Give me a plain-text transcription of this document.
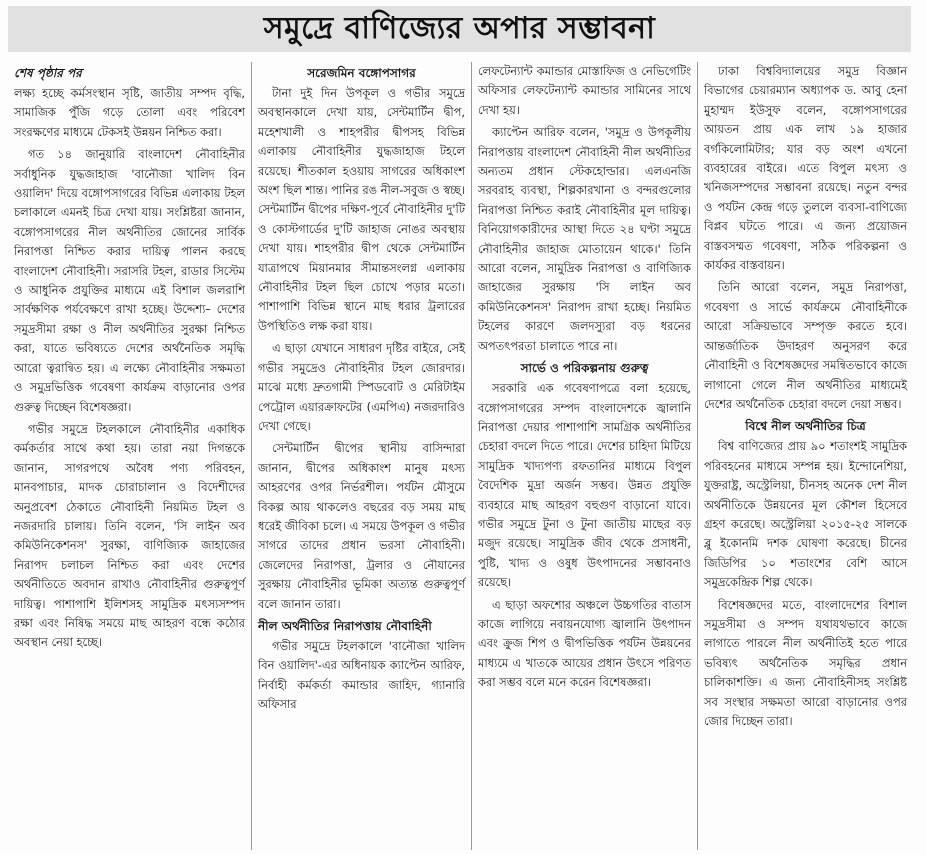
সমুদ্রে বাণিজ্যের অপার সম্ভাবনা
শেষ পৃষ্ঠার পর

লক্ষ্য হচ্ছে কর্মসংস্থান সৃষ্টি, জাতীয় সম্পদ বৃদ্ধি, সামাজিক পুঁজি গড়ে তোলা এবং পরিবেশ সংরক্ষণের মাধ্যমে টেকসই উন্নয়ন নিশ্চিত করা।

গত ১৪ জানুয়ারি বাংলাদেশ নৌবাহিনীর সর্বাধুনিক যুদ্ধজাহাজ 'বানৌজা খালিদ বিন ওয়ালিদ' দিয়ে বঙ্গোপসাগরের বিভিন্ন এলাকায় টহল চলাকালে এমনই চিত্র দেখা যায়। সংশ্লিষ্টরা জানান, বঙ্গোপসাগরের নীল অর্থনীতির জোনের সার্বিক নিরাপত্তা নিশ্চিত করার দায়িত্ব পালন করছে বাংলাদেশ নৌবাহিনী। সরাসরি টহল, রাডার সিস্টেম ও আধুনিক প্রযুক্তির মাধ্যমে এই বিশাল জলরাশি সার্বক্ষণিক পর্যবেক্ষণে রাখা হচ্ছে। উদ্দেশ্য– দেশের সমুদ্রসীমা রক্ষা ও নীল অর্থনীতির সুরক্ষা নিশ্চিত করা, যাতে ভবিষ্যতে দেশের অর্থনৈতিক সমৃদ্ধি আরো ত্বরান্বিত হয়। এ লক্ষ্যে নৌবাহিনীর সক্ষমতা ও সমুদ্রভিত্তিক গবেষণা কার্যক্রম বাড়ানোর ওপর গুরুত্ব দিচ্ছেন বিশেষজ্ঞরা।

গভীর সমুদ্রে টহলকালে নৌবাহিনীর একাধিক কর্মকর্তার সাথে কথা হয়। তারা নয়া দিগন্তকে জানান, সাগরপথে অবৈধ পণ্য পরিবহন, মানবপাচার, মাদক চোরাচালান ও বিদেশীদের অনুপ্রবেশ ঠেকাতে নৌবাহিনী নিয়মিত টহল ও নজরদারি চালায়। তিনি বলেন, 'সি লাইন অব কমিউনিকেশনস' সুরক্ষা, বাণিজ্যিক জাহাজের নিরাপদ চলাচল নিশ্চিত করা এবং দেশের অর্থনীতিতে অবদান রাখাও নৌবাহিনীর গুরুত্বপূর্ণ দায়িত্ব। পাশাপাশি ইলিশসহ সামুদ্রিক মৎস্যসম্পদ রক্ষা এবং নিষিদ্ধ সময়ে মাছ আহরণ বন্ধে কঠোর অবস্থান নেয়া হচ্ছে।

সরেজমিন বঙ্গোপসাগর

টানা দুই দিন উপকূল ও গভীর সমুদ্রে অবস্থানকালে দেখা যায়, সেন্টমার্টিন দ্বীপ, মহেশখালী ও শাহপরীর দ্বীপসহ বিভিন্ন এলাকায় নৌবাহিনীর যুদ্ধজাহাজ টহলে রয়েছে। শীতকাল হওয়ায় সাগরের অধিকাংশ অংশ ছিল শান্ত। পানির রঙ নীল-সবুজ ও স্বচ্ছ। সেন্টমার্টিন দ্বীপের দক্ষিণ-পূর্বে নৌবাহিনীর দু'টি ও কোস্টগার্ডের দু'টি জাহাজ নোঙর অবস্থায় দেখা যায়। শাহপরীর দ্বীপ থেকে সেন্টমার্টিন যাত্রাপথে মিয়ানমার সীমান্তসংলগ্ন এলাকায় নৌবাহিনীর টহল ছিল চোখে পড়ার মতো। পাশাপাশি বিভিন্ন স্থানে মাছ ধরার ট্রলারের উপস্থিতিও লক্ষ করা যায়।

এ ছাড়া যেখানে সাধারণ দৃষ্টির বাইরে, সেই গভীর সমুদ্রেও নৌবাহিনীর টহল জোরদার। মাঝে মধ্যে দ্রুতগামী স্পিডবোট ও মেরিটাইম পেট্রোল এয়ারক্রাফটের (এমপিএ) নজরদারিও দেখা গেছে।

সেন্টমার্টিন দ্বীপের স্থানীয় বাসিন্দারা জানান, দ্বীপের অধিকাংশ মানুষ মৎস্য আহরণের ওপর নির্ভরশীল। পর্যটন মৌসুমে বিকল্প আয় থাকলেও বছরের বড় সময় মাছ ধরেই জীবিকা চলে। এ সময়ে উপকূল ও গভীর সাগরে তাদের প্রধান ভরসা নৌবাহিনী। জেলেদের নিরাপত্তা, ট্রলার ও নৌযানের সুরক্ষায় নৌবাহিনীর ভূমিকা অত্যন্ত গুরুত্বপূর্ণ বলে জানান তারা।

নীল অর্থনীতির নিরাপত্তায় নৌবাহিনী

গভীর সমুদ্রে টহলকালে 'বানৌজা খালিদ বিন ওয়ালিদ'-এর অধিনায়ক ক্যাপ্টেন আরিফ, নির্বাহী কর্মকর্তা কমান্ডার জাহিদ, গ্যানারি অফিসার

লেফটেন্যান্ট কমান্ডার মোস্তাফিজ ও নেভিগেটিং অফিসার লেফটেন্যান্ট কমান্ডার সামিনের সাথে দেখা হয়।

ক্যাপ্টেন আরিফ বলেন, 'সমুদ্র ও উপকূলীয় নিরাপত্তায় বাংলাদেশ নৌবাহিনী নীল অর্থনীতির অন্যতম প্রধান স্টেকহোল্ডার। এলএনজি সরবরাহ ব্যবস্থা, শিল্পকারখানা ও বন্দরগুলোর নিরাপত্তা নিশ্চিত করাই নৌবাহিনীর মূল দায়িত্ব। বিনিয়োগকারীদের আস্থা দিতে ২৪ ঘণ্টা সমুদ্রে নৌবাহিনীর জাহাজ মোতায়েন থাকে।' তিনি আরো বলেন, সামুদ্রিক নিরাপত্তা ও বাণিজ্যিক জাহাজের সুরক্ষায় 'সি লাইন অব কমিউনিকেশনস' নিরাপদ রাখা হচ্ছে। নিয়মিত টহলের কারণে জলদস্যুরা বড় ধরনের অপতৎপরতা চালাতে পারে না।

সার্ভে ও পরিকল্পনায় গুরুত্ব

সরকারি এক গবেষণাপত্রে বলা হয়েছে, বঙ্গোপসাগরের সম্পদ বাংলাদেশকে জ্বালানি নিরাপত্তা দেয়ার পাশাপাশি সামগ্রিক অর্থনীতির চেহারা বদলে দিতে পারে। দেশের চাহিদা মিটিয়ে সামুদ্রিক খাদ্যপণ্য রফতানির মাধ্যমে বিপুল বৈদেশিক মুদ্রা অর্জন সম্ভব। উন্নত প্রযুক্তি ব্যবহারে মাছ আহরণ বহুগুণ বাড়ানো যাবে। গভীর সমুদ্রে টুনা ও টুনা জাতীয় মাছের বড় মজুদ রয়েছে। সামুদ্রিক জীব থেকে প্রসাধনী, পুষ্টি, খাদ্য ও ওষুধ উৎপাদনের সম্ভাবনাও রয়েছে।

এ ছাড়া অফশোর অঞ্চলে উচ্চগতির বাতাস কাজে লাগিয়ে নবায়নযোগ্য জ্বালানি উৎপাদন এবং ক্রুজ শিপ ও দ্বীপভিত্তিক পর্যটন উন্নয়নের মাধ্যমে এ খাতকে আয়ের প্রধান উৎসে পরিণত করা সম্ভব বলে মনে করেন বিশেষজ্ঞরা।

ঢাকা বিশ্ববিদ্যালয়ের সমুদ্র বিজ্ঞান বিভাগের চেয়ারম্যান অধ্যাপক ড. আবু হেনা মুহাম্মদ ইউসুফ বলেন, বঙ্গোপসাগরের আয়তন প্রায় এক লাখ ১৯ হাজার বর্গকিলোমিটার; যার বড় অংশ এখনো ব্যবহারের বাইরে। এতে বিপুল মৎস্য ও খনিজসম্পদের সম্ভাবনা রয়েছে। নতুন বন্দর ও পর্যটন কেন্দ্র গড়ে তুললে ব্যবসা-বাণিজ্যে বিপ্লব ঘটতে পারে। এ জন্য প্রয়োজন বাস্তবসম্মত গবেষণা, সঠিক পরিকল্পনা ও কার্যকর বাস্তবায়ন।

তিনি আরো বলেন, সমুদ্র নিরাপত্তা, গবেষণা ও সার্ভে কার্যক্রমে নৌবাহিনীকে আরো সক্রিয়ভাবে সম্পৃক্ত করতে হবে। আন্তর্জাতিক উদাহরণ অনুসরণ করে নৌবাহিনী ও বিশেষজ্ঞদের সমন্বিতভাবে কাজে লাগানো গেলে নীল অর্থনীতির মাধ্যমেই দেশের অর্থনৈতিক চেহারা বদলে দেয়া সম্ভব।

বিশ্বে নীল অর্থনীতির চিত্র

বিশ্ব বাণিজ্যের প্রায় ৯০ শতাংশই সামুদ্রিক পরিবহনের মাধ্যমে সম্পন্ন হয়। ইন্দোনেশিয়া, যুক্তরাষ্ট্র, অস্ট্রেলিয়া, চীনসহ অনেক দেশ নীল অর্থনীতিকে উন্নয়নের মূল কৌশল হিসেবে গ্রহণ করেছে। অস্ট্রেলিয়া ২০১৫-২৫ সালকে ব্লু ইকোনমি দশক ঘোষণা করেছে। চীনের জিডিপির ১০ শতাংশের বেশি আসে সমুদ্রকেন্দ্রিক শিল্প থেকে।

বিশেষজ্ঞদের মতে, বাংলাদেশের বিশাল সমুদ্রসীমা ও সম্পদ যথাযথভাবে কাজে লাগাতে পারলে নীল অর্থনীতিই হতে পারে ভবিষ্যৎ অর্থনৈতিক সমৃদ্ধির প্রধান চালিকাশক্তি। এ জন্য নৌবাহিনীসহ সংশ্লিষ্ট সব সংস্থার সক্ষমতা আরো বাড়ানোর ওপর জোর দিচ্ছেন তারা।
